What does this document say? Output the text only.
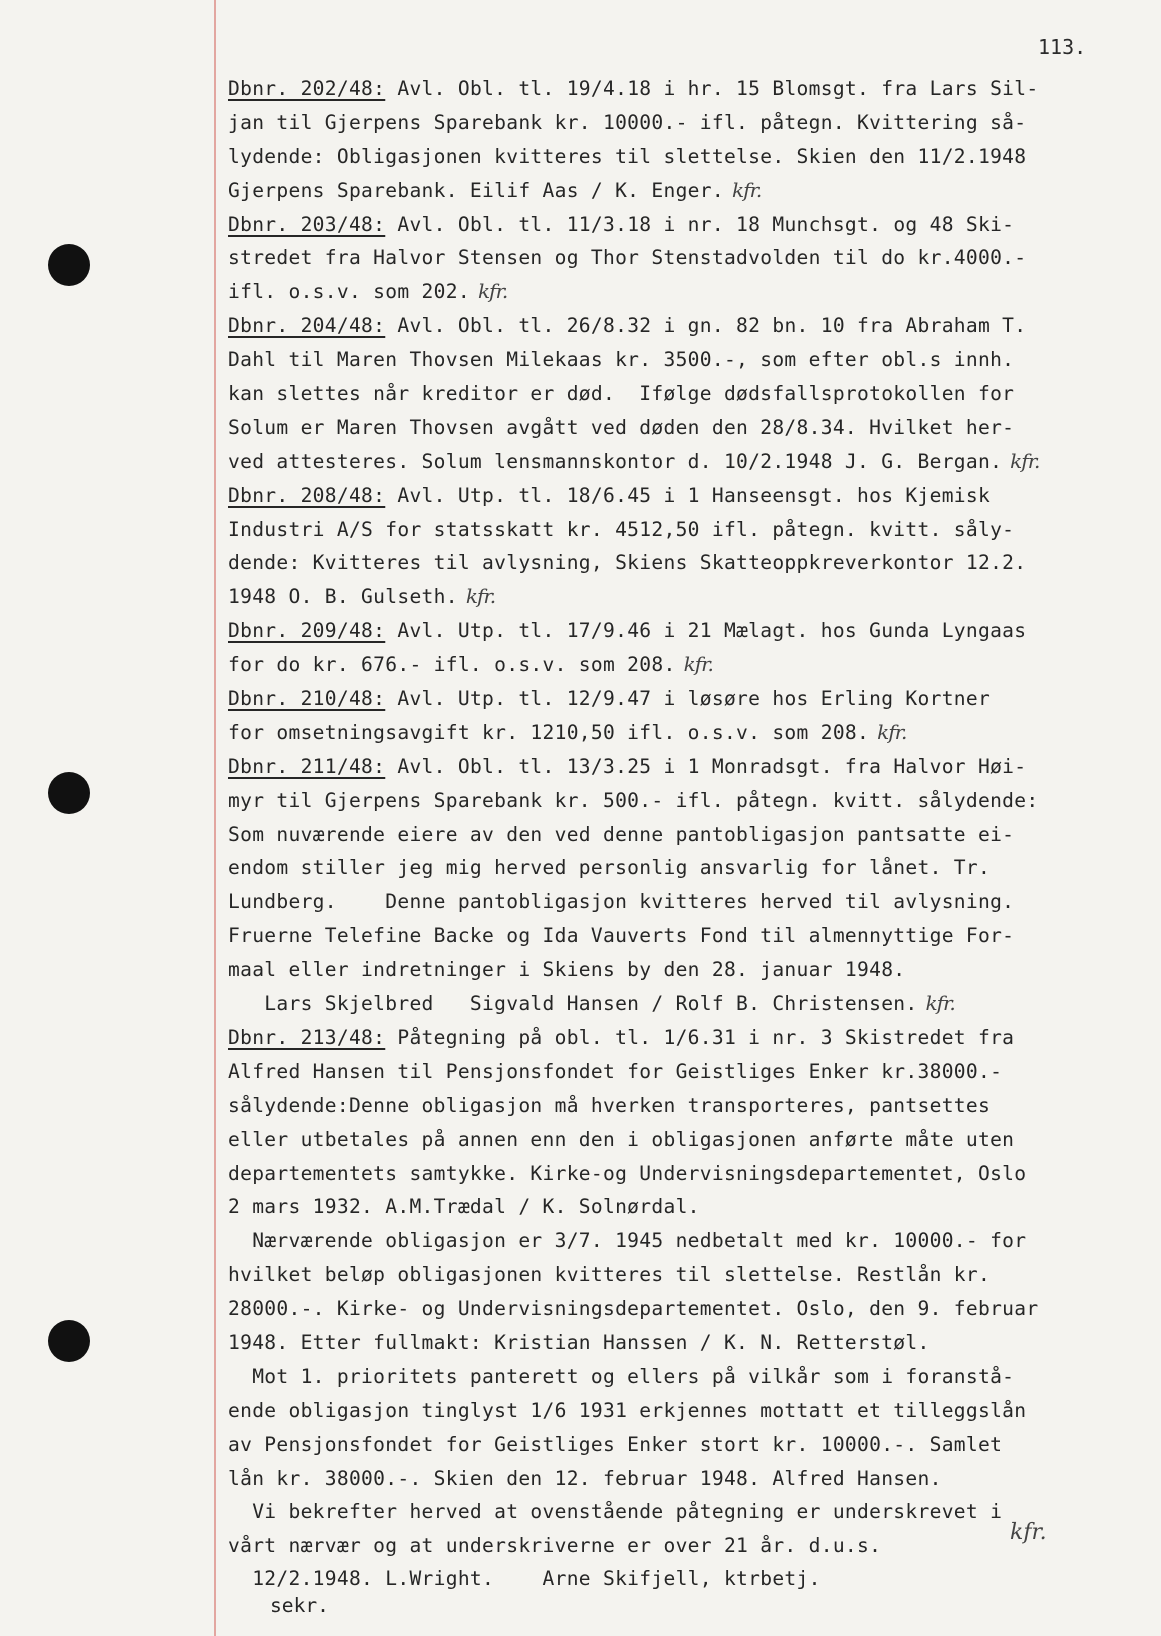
113.
Dbnr. 202/48: Avl. Obl. tl. 19/4.18 i hr. 15 Blomsgt. fra Lars Sil-
jan til Gjerpens Sparebank kr. 10000.- ifl. påtegn. Kvittering så-
lydende: Obligasjonen kvitteres til slettelse. Skien den 11/2.1948
Gjerpens Sparebank. Eilif Aas / K. Enger. kfr.
Dbnr. 203/48: Avl. Obl. tl. 11/3.18 i nr. 18 Munchsgt. og 48 Ski-
stredet fra Halvor Stensen og Thor Stenstadvolden til do kr.4000.-
ifl. o.s.v. som 202. kfr.
Dbnr. 204/48: Avl. Obl. tl. 26/8.32 i gn. 82 bn. 10 fra Abraham T.
Dahl til Maren Thovsen Milekaas kr. 3500.-, som efter obl.s innh.
kan slettes når kreditor er død.  Ifølge dødsfallsprotokollen for
Solum er Maren Thovsen avgått ved døden den 28/8.34. Hvilket her-
ved attesteres. Solum lensmannskontor d. 10/2.1948 J. G. Bergan. kfr.
Dbnr. 208/48: Avl. Utp. tl. 18/6.45 i 1 Hanseensgt. hos Kjemisk
Industri A/S for statsskatt kr. 4512,50 ifl. påtegn. kvitt. såly-
dende: Kvitteres til avlysning, Skiens Skatteoppkreverkontor 12.2.
1948 O. B. Gulseth. kfr.
Dbnr. 209/48: Avl. Utp. tl. 17/9.46 i 21 Mælagt. hos Gunda Lyngaas
for do kr. 676.- ifl. o.s.v. som 208. kfr.
Dbnr. 210/48: Avl. Utp. tl. 12/9.47 i løsøre hos Erling Kortner
for omsetningsavgift kr. 1210,50 ifl. o.s.v. som 208. kfr.
Dbnr. 211/48: Avl. Obl. tl. 13/3.25 i 1 Monradsgt. fra Halvor Høi-
myr til Gjerpens Sparebank kr. 500.- ifl. påtegn. kvitt. sålydende:
Som nuværende eiere av den ved denne pantobligasjon pantsatte ei-
endom stiller jeg mig herved personlig ansvarlig for lånet. Tr.
Lundberg.    Denne pantobligasjon kvitteres herved til avlysning.
Fruerne Telefine Backe og Ida Vauverts Fond til almennyttige For-
maal eller indretninger i Skiens by den 28. januar 1948.
Lars Skjelbred   Sigvald Hansen / Rolf B. Christensen. kfr.
Dbnr. 213/48: Påtegning på obl. tl. 1/6.31 i nr. 3 Skistredet fra
Alfred Hansen til Pensjonsfondet for Geistliges Enker kr.38000.-
sålydende:Denne obligasjon må hverken transporteres, pantsettes
eller utbetales på annen enn den i obligasjonen anførte måte uten
departementets samtykke. Kirke-og Undervisningsdepartementet, Oslo
2 mars 1932. A.M.Trædal / K. Solnørdal.
Nærværende obligasjon er 3/7. 1945 nedbetalt med kr. 10000.- for
hvilket beløp obligasjonen kvitteres til slettelse. Restlån kr.
28000.-. Kirke- og Undervisningsdepartementet. Oslo, den 9. februar
1948. Etter fullmakt: Kristian Hanssen / K. N. Retterstøl.
Mot 1. prioritets panterett og ellers på vilkår som i foranstå-
ende obligasjon tinglyst 1/6 1931 erkjennes mottatt et tilleggslån
av Pensjonsfondet for Geistliges Enker stort kr. 10000.-. Samlet
lån kr. 38000.-. Skien den 12. februar 1948. Alfred Hansen.
Vi bekrefter herved at ovenstående påtegning er underskrevet i
vårt nærvær og at underskriverne er over 21 år. d.u.s.
12/2.1948. L.Wright.    Arne Skifjell, ktrbetj.
sekr.
kfr.
